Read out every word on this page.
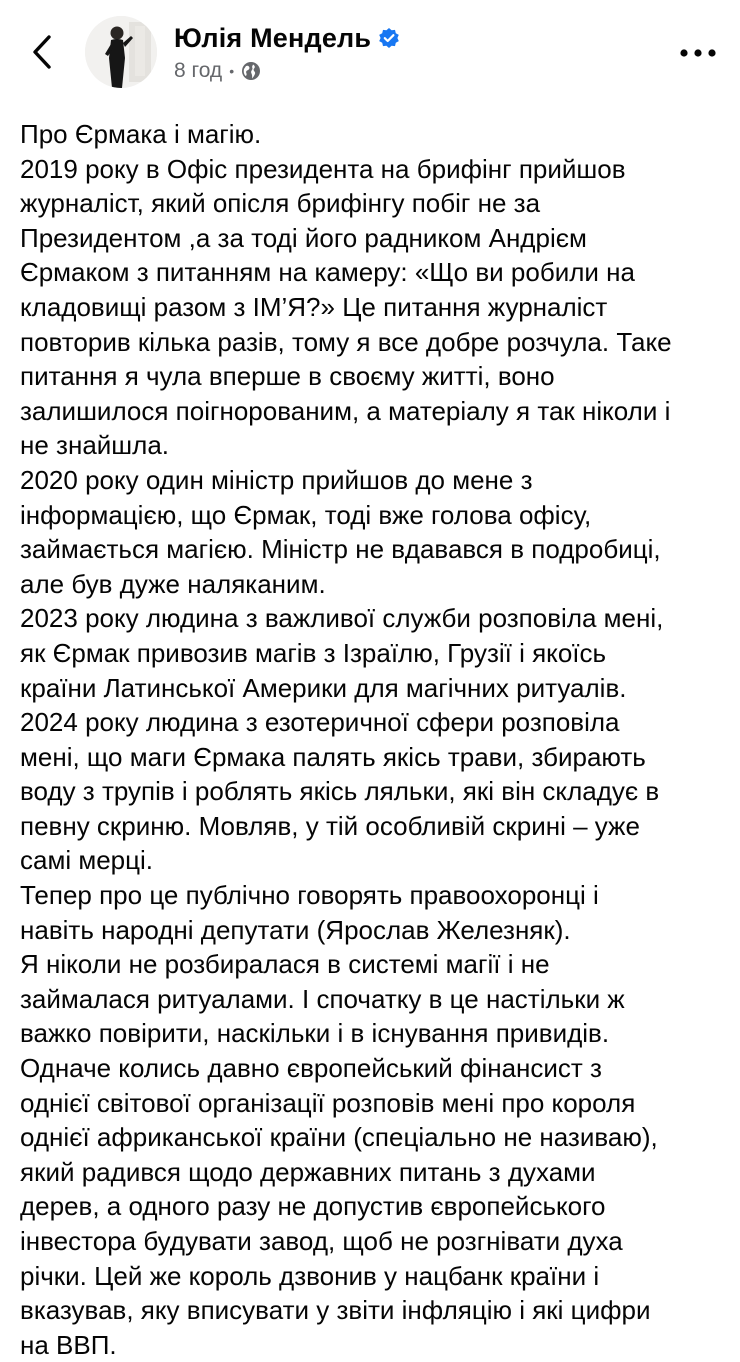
Юлія Мендель
8 год •

Про Єрмака і магію.
2019 року в Офіс президента на брифінг прийшов
журналіст, який опісля брифінгу побіг не за
Президентом ,а за тоді його радником Андрієм
Єрмаком з питанням на камеру: «Що ви робили на
кладовищі разом з ІМ’Я?» Це питання журналіст
повторив кілька разів, тому я все добре розчула. Таке
питання я чула вперше в своєму житті, воно
залишилося поігнорованим, а матеріалу я так ніколи і
не знайшла.
2020 року один міністр прийшов до мене з
інформацією, що Єрмак, тоді вже голова офісу,
займається магією. Міністр не вдавався в подробиці,
але був дуже наляканим.
2023 року людина з важливої служби розповіла мені,
як Єрмак привозив магів з Ізраїлю, Грузії і якоїсь
країни Латинської Америки для магічних ритуалів.
2024 року людина з езотеричної сфери розповіла
мені, що маги Єрмака палять якісь трави, збирають
воду з трупів і роблять якісь ляльки, які він складує в
певну скриню. Мовляв, у тій особливій скрині – уже
самі мерці.
Тепер про це публічно говорять правоохоронці і
навіть народні депутати (Ярослав Железняк).
Я ніколи не розбиралася в системі магії і не
займалася ритуалами. І спочатку в це настільки ж
важко повірити, наскільки і в існування привидів.
Одначе колись давно європейський фінансист з
однієї світової організації розповів мені про короля
однієї африканської країни (спеціально не називаю),
який радився щодо державних питань з духами
дерев, а одного разу не допустив європейського
інвестора будувати завод, щоб не розгнівати духа
річки. Цей же король дзвонив у нацбанк країни і
вказував, яку вписувати у звіти інфляцію і які цифри
на ВВП.
